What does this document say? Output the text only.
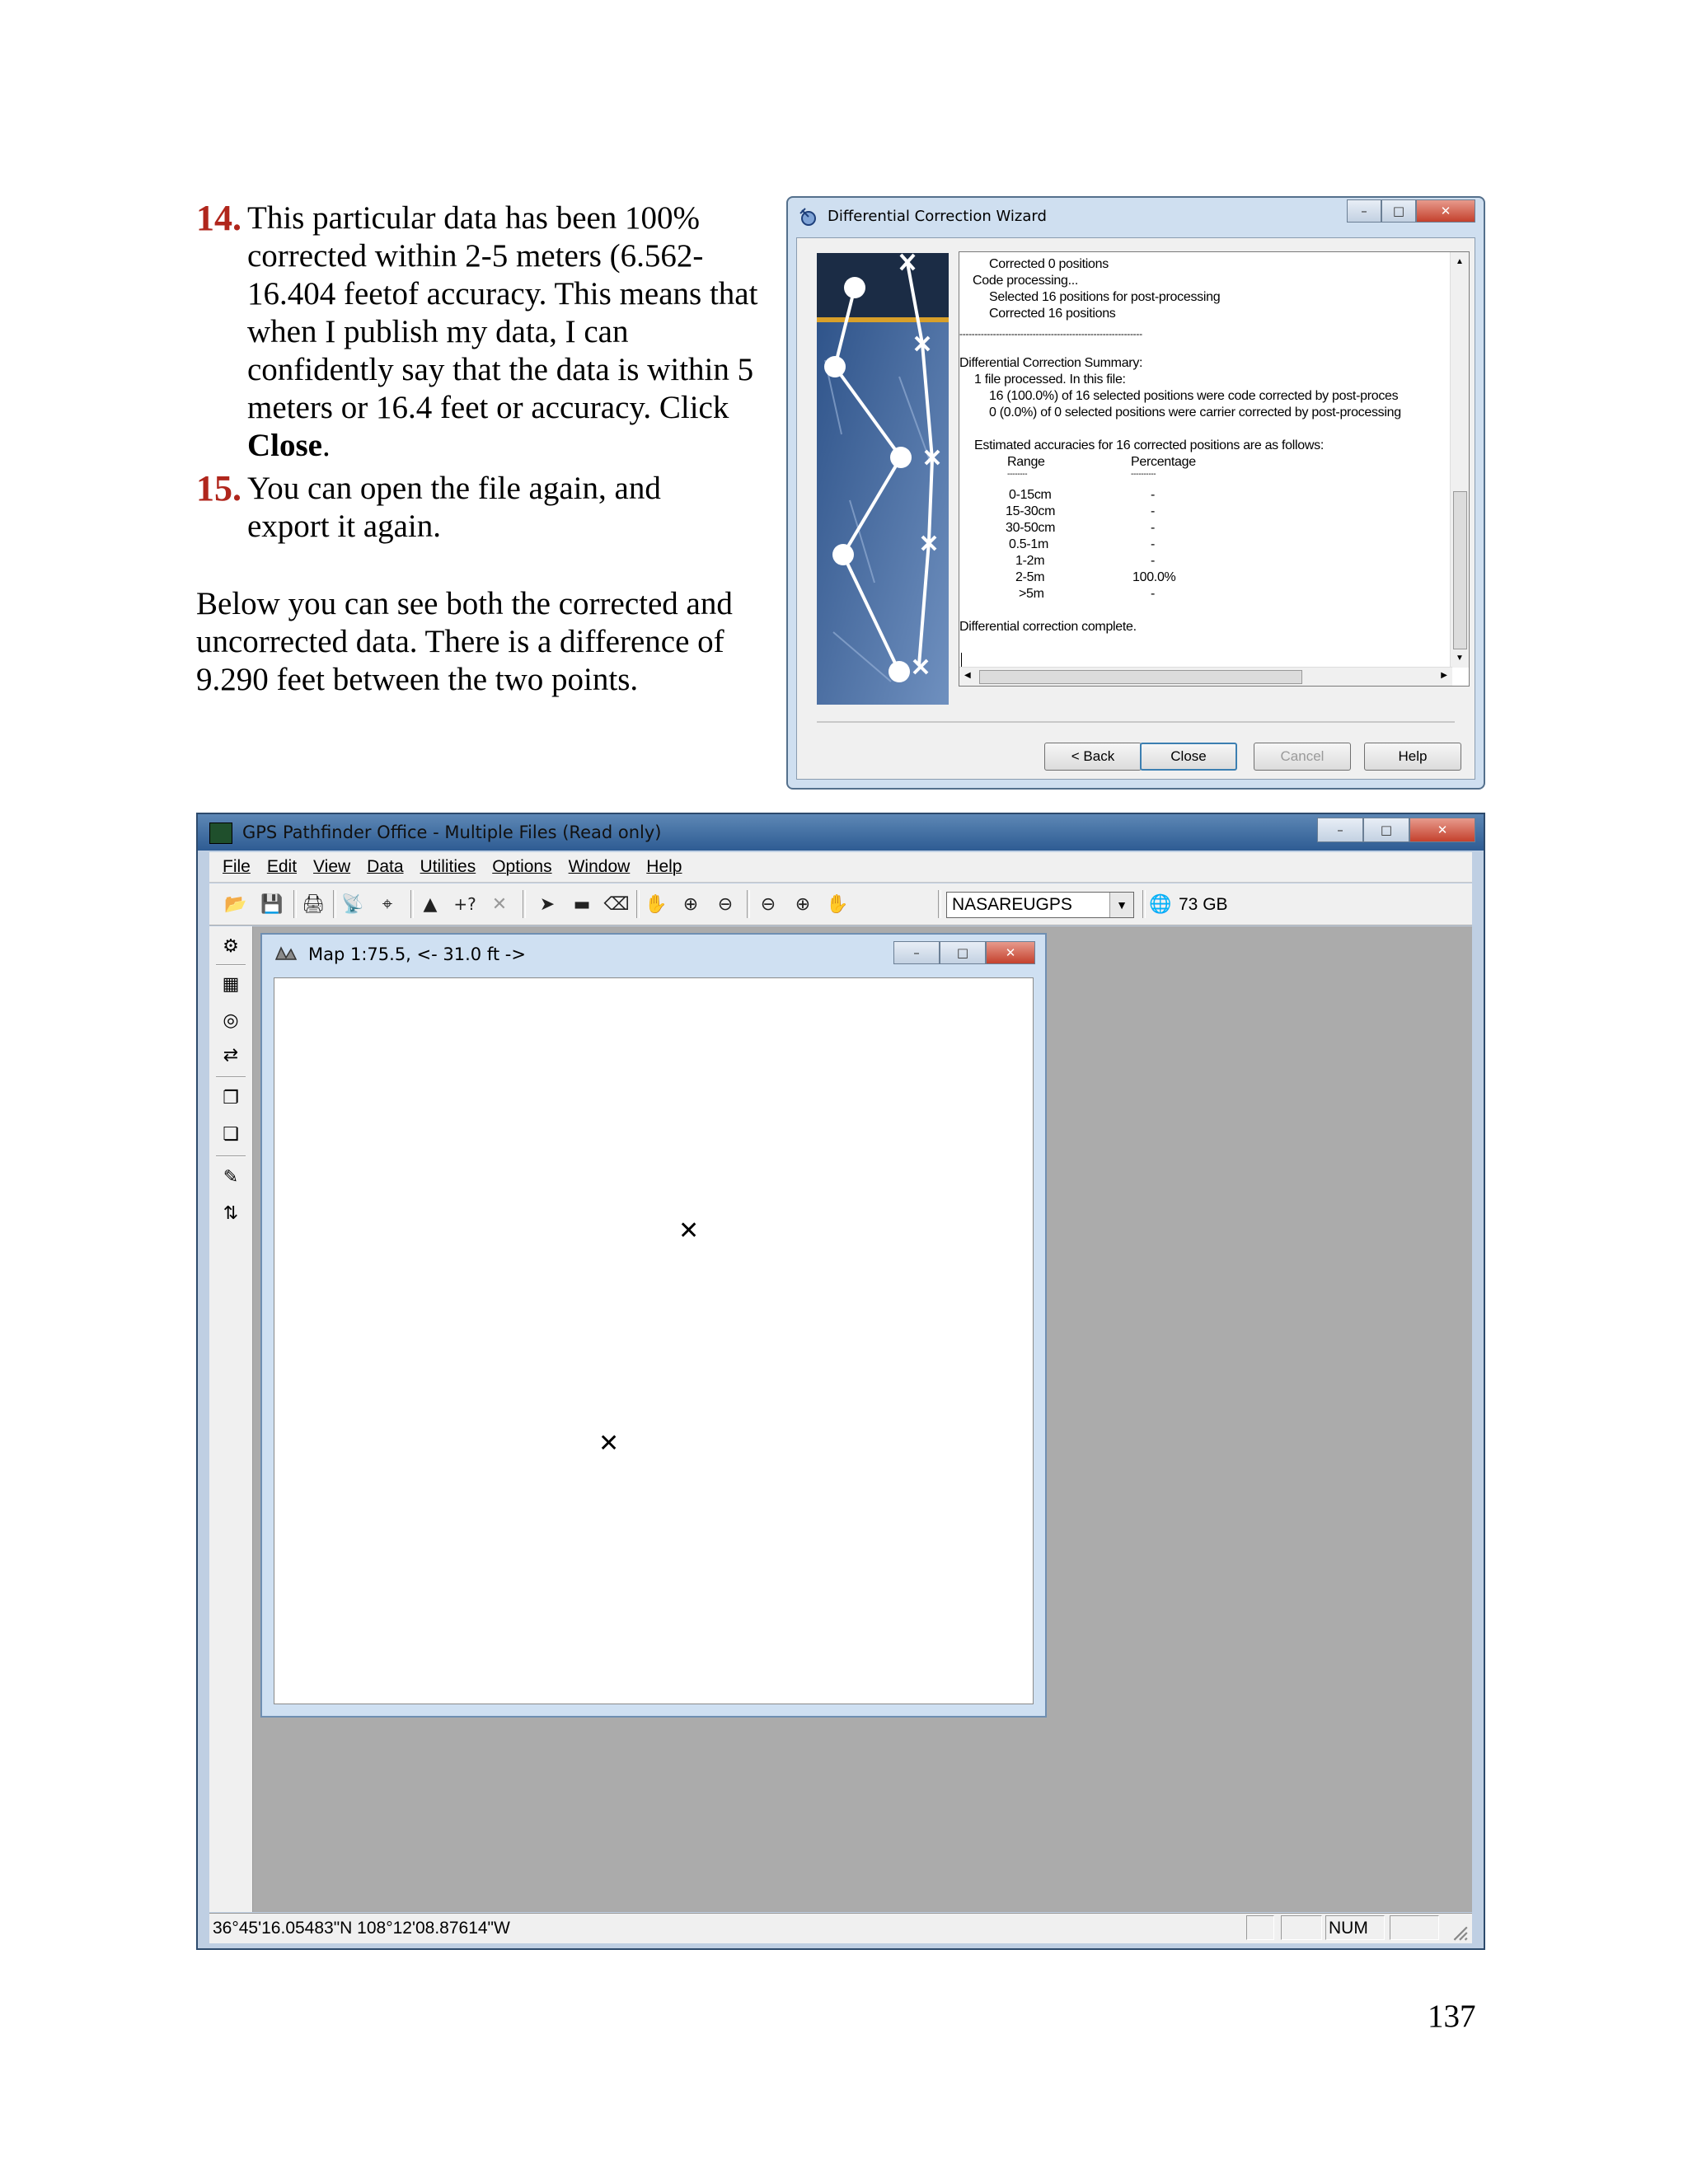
14. This particular data has been 100% corrected within 2-5 meters (6.562-16.404 feetof accuracy. This means that when I publish my data, I can confidently say that the data is within 5 meters or 16.4 feet or accuracy. Click Close.
15. You can open the file again, and export it again.
Below you can see both the corrected and uncorrected data. There is a difference of 9.290 feet between the two points.
Differential Correction Wizard	– □	✕
Corrected 0 positions
Code processing...
Selected 16 positions for post-processing
Corrected 16 positions
------------------------------------------------------------
Differential Correction Summary:
1 file processed. In this file:
16 (100.0%) of 16 selected positions were code corrected by post-proces
0 (0.0%) of 0 selected positions were carrier corrected by post-processing
Estimated accuracies for 16 corrected positions are as follows:
Range	Percentage
--------	----------
0-15cm	-
15-30cm	-
30-50cm	-
0.5-1m	-
1-2m	-
2-5m	100.0%
>5m	-
Differential correction complete.
▲
▼
◀	▶
< Back	Close	Cancel	Help
GPS Pathfinder Office - Multiple Files (Read only)	–	□	✕
File Edit View Data Utilities Options Window Help
📂 💾 🖨 📡	⌖	▲ +? ✕	➤	▬ ⌫ ✋ ⊕	⊖	⊖	⊕ ✋	NASAREUGPS	▼	🌐 73 GB
⚙
▦
◎
⇄
❐
❏
✎
⇅
Map 1:75.5, <- 31.0 ft ->	–	□	✕
✕
✕
36°45'16.05483"N 108°12'08.87614"W	NUM
137
